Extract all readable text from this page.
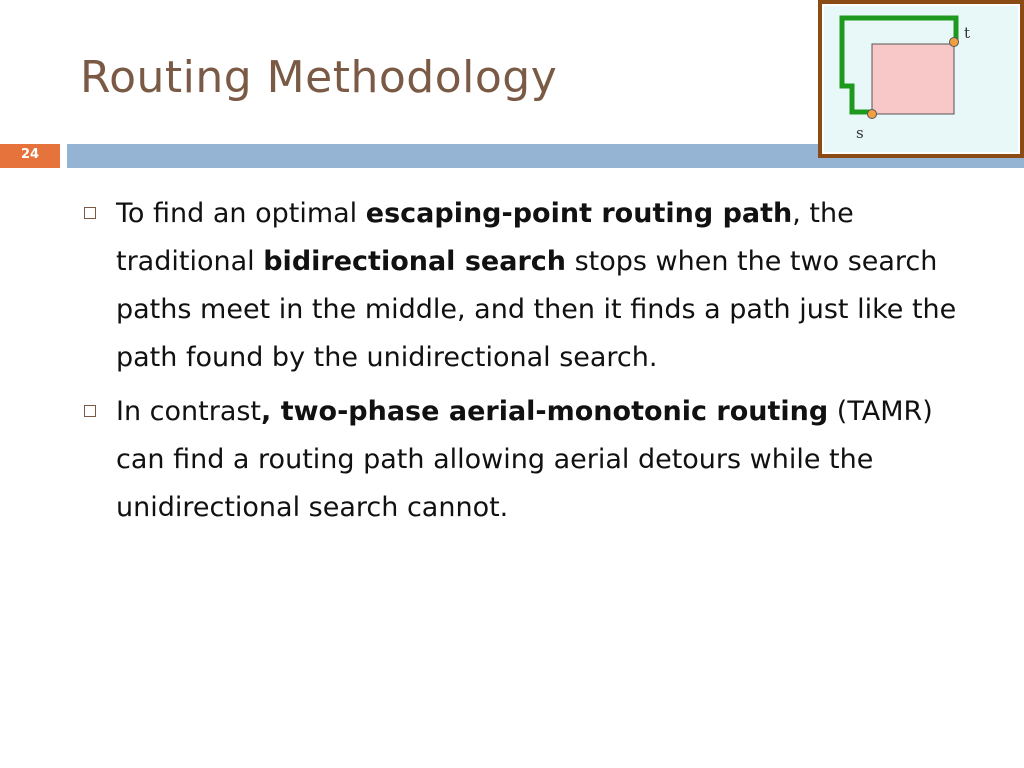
Routing Methodology
24
t
s
To find an optimal escaping-point routing path, the traditional bidirectional search stops when the two search paths meet in the middle, and then it finds a path just like the path found by the unidirectional search.
In contrast, two-phase aerial-monotonic routing (TAMR) can find a routing path allowing aerial detours while the unidirectional search cannot.
